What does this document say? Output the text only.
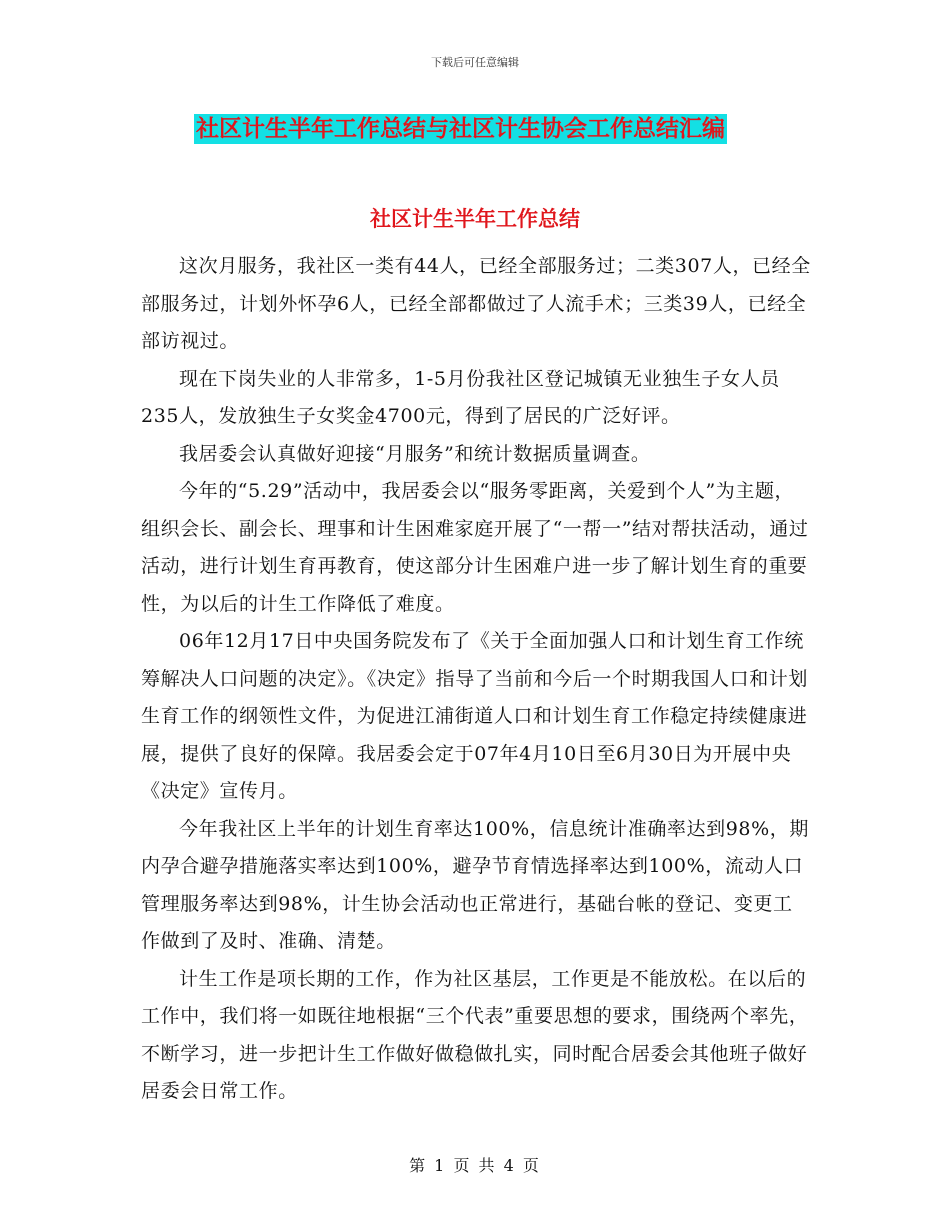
下载后可任意编辑
社区计生半年工作总结与社区计生协会工作总结汇编
社区计生半年工作总结

这次月服务，我社区一类有44人，已经全部服务过；二类307人，已经全部服务过，计划外怀孕6人，已经全部都做过了人流手术；三类39人，已经全部访视过。

现在下岗失业的人非常多，1-5月份我社区登记城镇无业独生子女人员235人，发放独生子女奖金4700元，得到了居民的广泛好评。

我居委会认真做好迎接“月服务”和统计数据质量调查。

今年的“5.29”活动中，我居委会以“服务零距离，关爱到个人”为主题，组织会长、副会长、理事和计生困难家庭开展了“一帮一”结对帮扶活动，通过活动，进行计划生育再教育，使这部分计生困难户进一步了解计划生育的重要性，为以后的计生工作降低了难度。

06年12月17日中央国务院发布了《关于全面加强人口和计划生育工作统筹解决人口问题的决定》。《决定》指导了当前和今后一个时期我国人口和计划生育工作的纲领性文件，为促进江浦街道人口和计划生育工作稳定持续健康进展，提供了良好的保障。我居委会定于07年4月10日至6月30日为开展中央《决定》宣传月。

今年我社区上半年的计划生育率达100%，信息统计准确率达到98%，期内孕合避孕措施落实率达到100%，避孕节育情选择率达到100%，流动人口管理服务率达到98%，计生协会活动也正常进行，基础台帐的登记、变更工作做到了及时、准确、清楚。

计生工作是项长期的工作，作为社区基层，工作更是不能放松。在以后的工作中，我们将一如既往地根据“三个代表”重要思想的要求，围绕两个率先，不断学习，进一步把计生工作做好做稳做扎实，同时配合居委会其他班子做好居委会日常工作。

第 1 页 共 4 页
